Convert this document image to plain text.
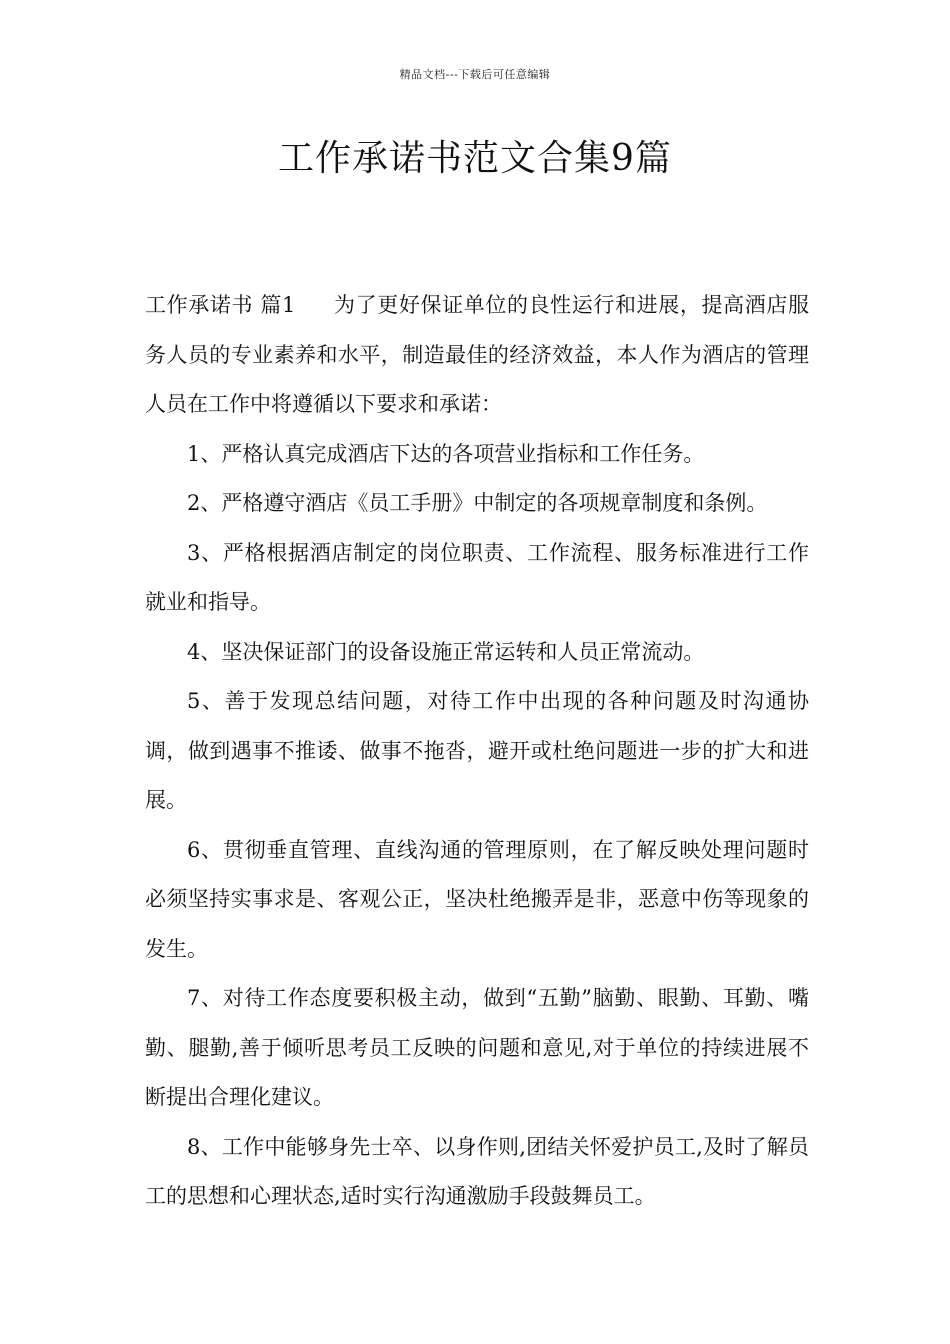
精品文档---下载后可任意编辑
工作承诺书范文合集9篇

工作承诺书 篇1 为了更好保证单位的良性运行和进展，提高酒店服务人员的专业素养和水平，制造最佳的经济效益，本人作为酒店的管理人员在工作中将遵循以下要求和承诺：

1、严格认真完成酒店下达的各项营业指标和工作任务。

2、严格遵守酒店《员工手册》中制定的各项规章制度和条例。

3、严格根据酒店制定的岗位职责、工作流程、服务标准进行工作就业和指导。

4、坚决保证部门的设备设施正常运转和人员正常流动。

5、善于发现总结问题，对待工作中出现的各种问题及时沟通协调，做到遇事不推诿、做事不拖沓，避开或杜绝问题进一步的扩大和进展。

6、贯彻垂直管理、直线沟通的管理原则，在了解反映处理问题时必须坚持实事求是、客观公正，坚决杜绝搬弄是非，恶意中伤等现象的发生。

7、对待工作态度要积极主动，做到“五勤”脑勤、眼勤、耳勤、嘴勤、腿勤,善于倾听思考员工反映的问题和意见,对于单位的持续进展不断提出合理化建议。

8、工作中能够身先士卒、以身作则,团结关怀爱护员工,及时了解员工的思想和心理状态,适时实行沟通激励手段鼓舞员工。
